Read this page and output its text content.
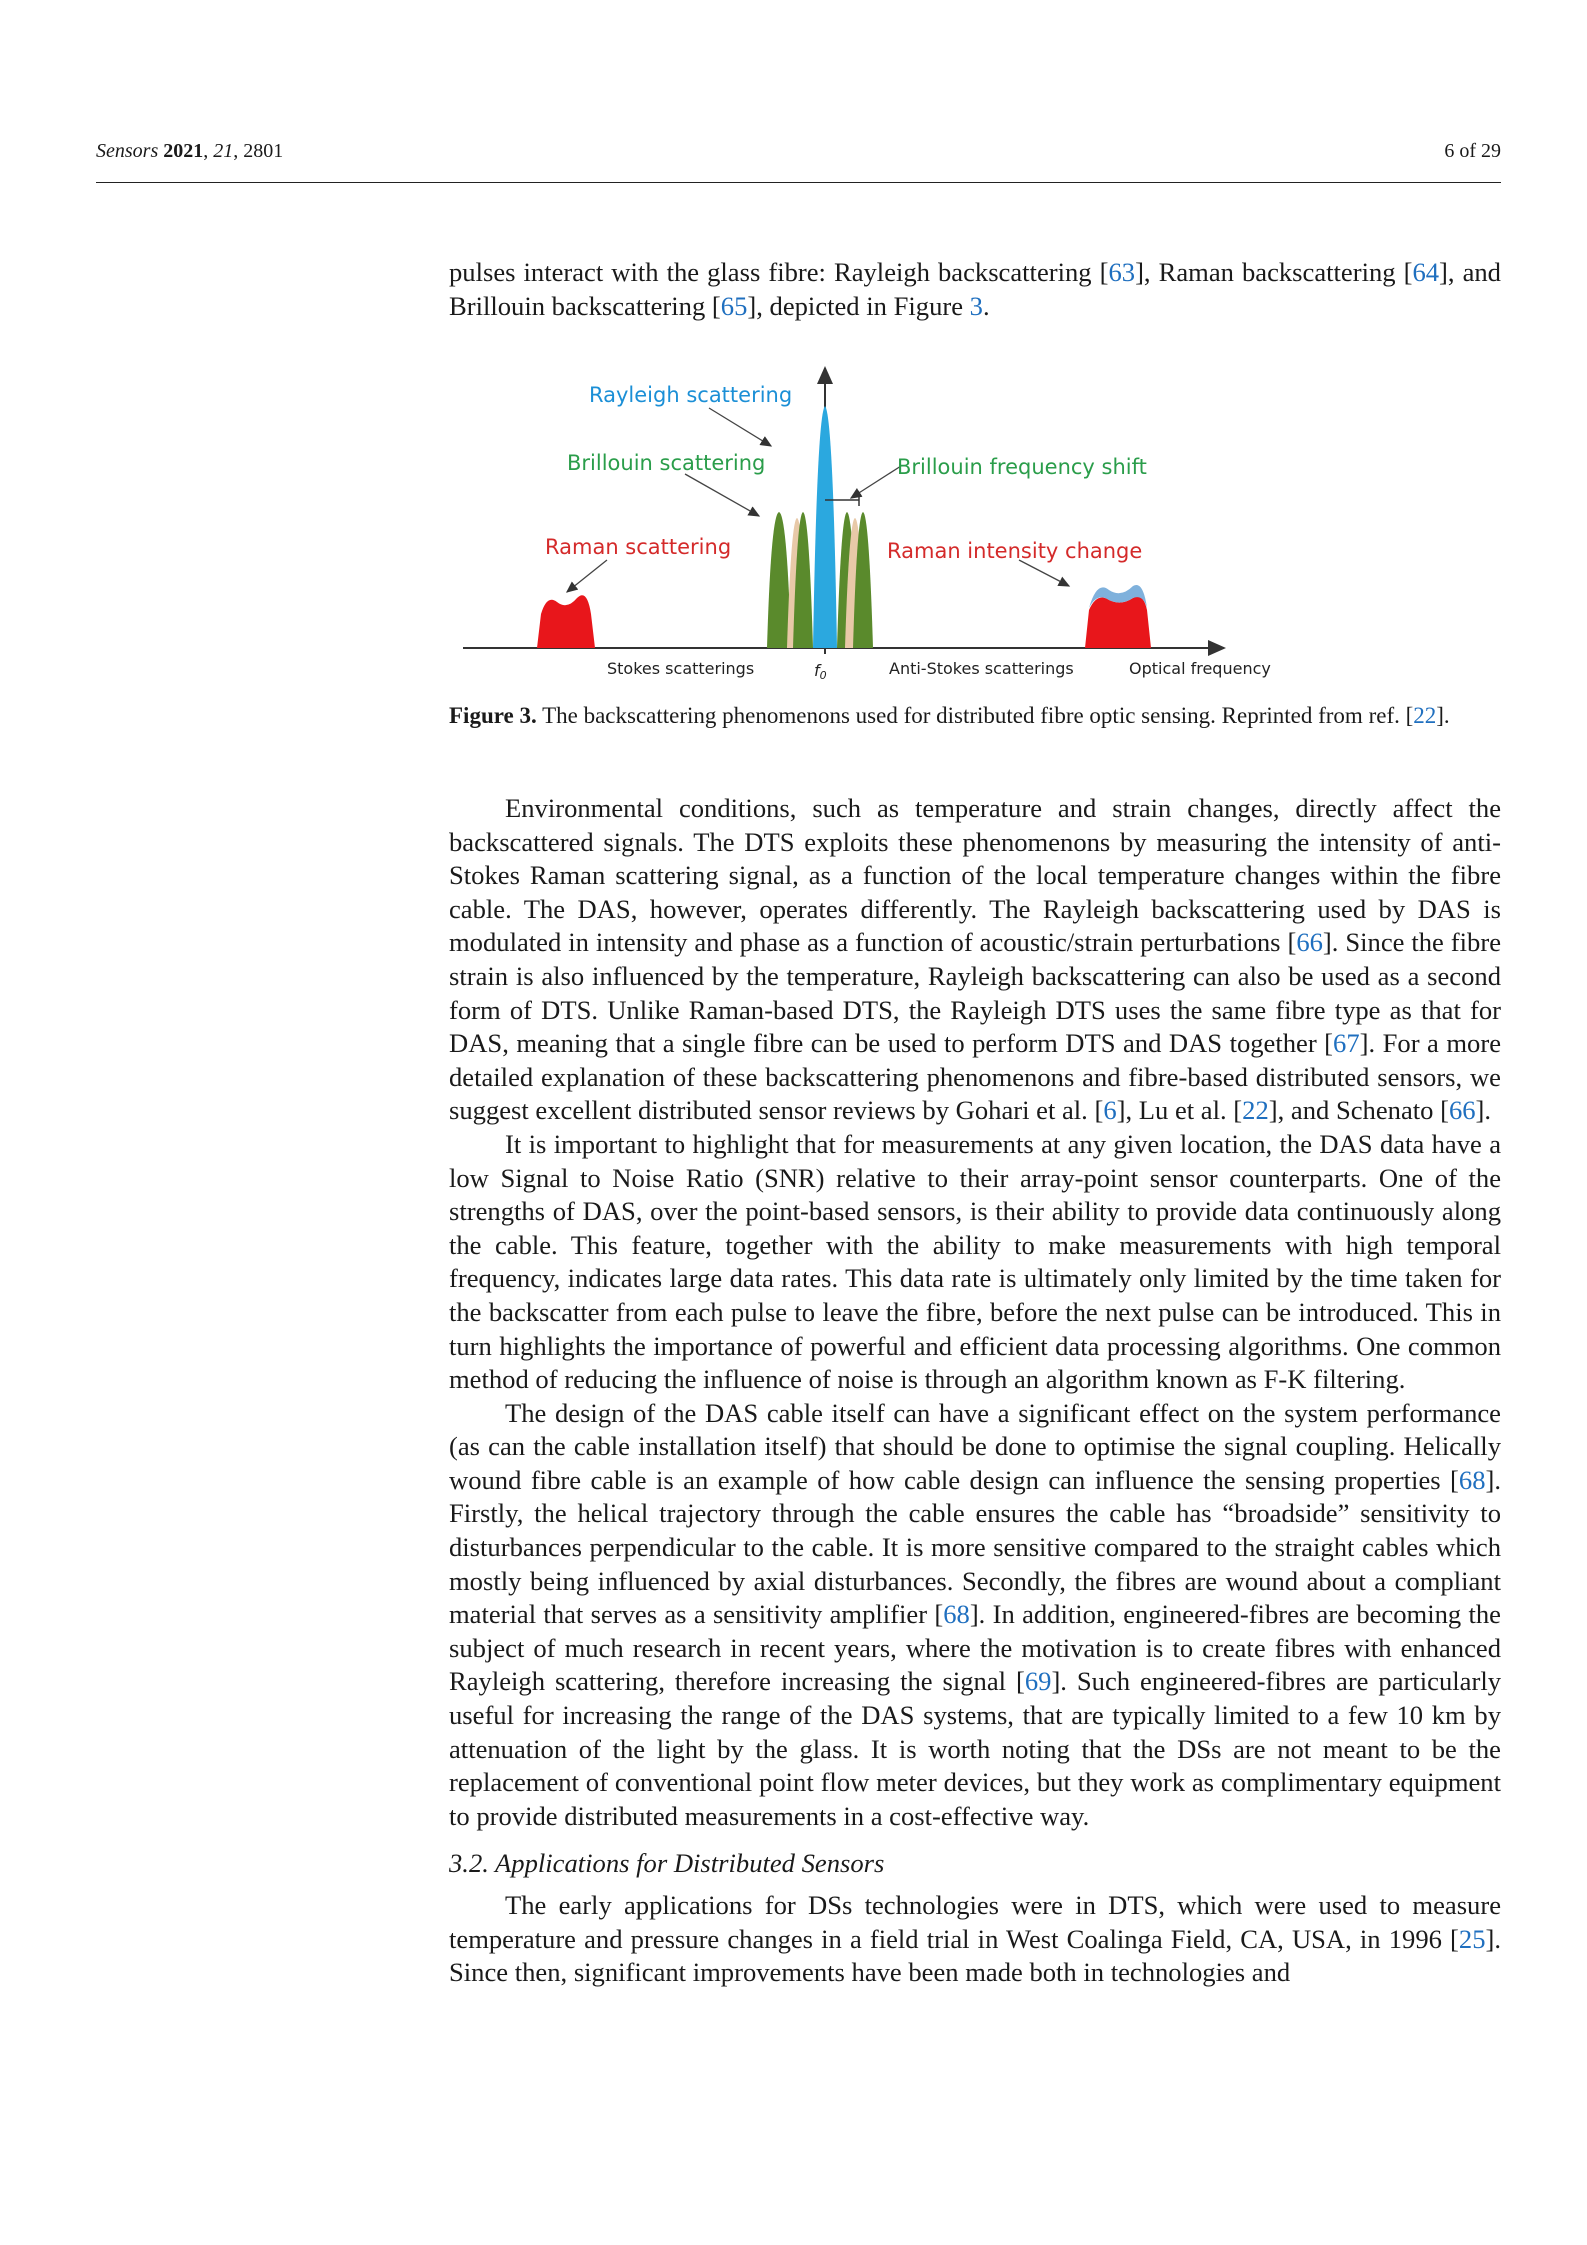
Sensors 2021, 21, 2801	6 of 29

pulses interact with the glass fibre: Rayleigh backscattering [63], Raman backscattering [64], and Brillouin backscattering [65], depicted in Figure 3.

Rayleigh scattering
Brillouin scattering
Raman scattering
Brillouin frequency shift
Raman intensity change
Stokes scatterings	f0	Anti-Stokes scatterings	Optical frequency

Figure 3. The backscattering phenomenons used for distributed fibre optic sensing. Reprinted from ref. [22].

Environmental conditions, such as temperature and strain changes, directly affect the backscattered signals. The DTS exploits these phenomenons by measuring the intensity of anti-Stokes Raman scattering signal, as a function of the local temperature changes within the fibre cable. The DAS, however, operates differently. The Rayleigh backscattering used by DAS is modulated in intensity and phase as a function of acoustic/strain perturbations [66]. Since the fibre strain is also influenced by the temperature, Rayleigh backscattering can also be used as a second form of DTS. Unlike Raman-based DTS, the Rayleigh DTS uses the same fibre type as that for DAS, meaning that a single fibre can be used to perform DTS and DAS together [67]. For a more detailed explanation of these backscattering phenomenons and fibre-based distributed sensors, we suggest excellent distributed sensor reviews by Gohari et al. [6], Lu et al. [22], and Schenato [66].

It is important to highlight that for measurements at any given location, the DAS data have a low Signal to Noise Ratio (SNR) relative to their array-point sensor counterparts. One of the strengths of DAS, over the point-based sensors, is their ability to provide data continuously along the cable. This feature, together with the ability to make measurements with high temporal frequency, indicates large data rates. This data rate is ultimately only limited by the time taken for the backscatter from each pulse to leave the fibre, before the next pulse can be introduced. This in turn highlights the importance of powerful and efficient data processing algorithms. One common method of reducing the influence of noise is through an algorithm known as F-K filtering.

The design of the DAS cable itself can have a significant effect on the system performance (as can the cable installation itself) that should be done to optimise the signal coupling. Helically wound fibre cable is an example of how cable design can influence the sensing properties [68]. Firstly, the helical trajectory through the cable ensures the cable has “broadside” sensitivity to disturbances perpendicular to the cable. It is more sensitive compared to the straight cables which mostly being influenced by axial disturbances. Secondly, the fibres are wound about a compliant material that serves as a sensitivity amplifier [68]. In addition, engineered-fibres are becoming the subject of much research in recent years, where the motivation is to create fibres with enhanced Rayleigh scattering, therefore increasing the signal [69]. Such engineered-fibres are particularly useful for increasing the range of the DAS systems, that are typically limited to a few 10 km by attenuation of the light by the glass. It is worth noting that the DSs are not meant to be the replacement of conventional point flow meter devices, but they work as complimentary equipment to provide distributed measurements in a cost-effective way.

3.2. Applications for Distributed Sensors

The early applications for DSs technologies were in DTS, which were used to measure temperature and pressure changes in a field trial in West Coalinga Field, CA, USA, in 1996 [25]. Since then, significant improvements have been made both in technologies and
